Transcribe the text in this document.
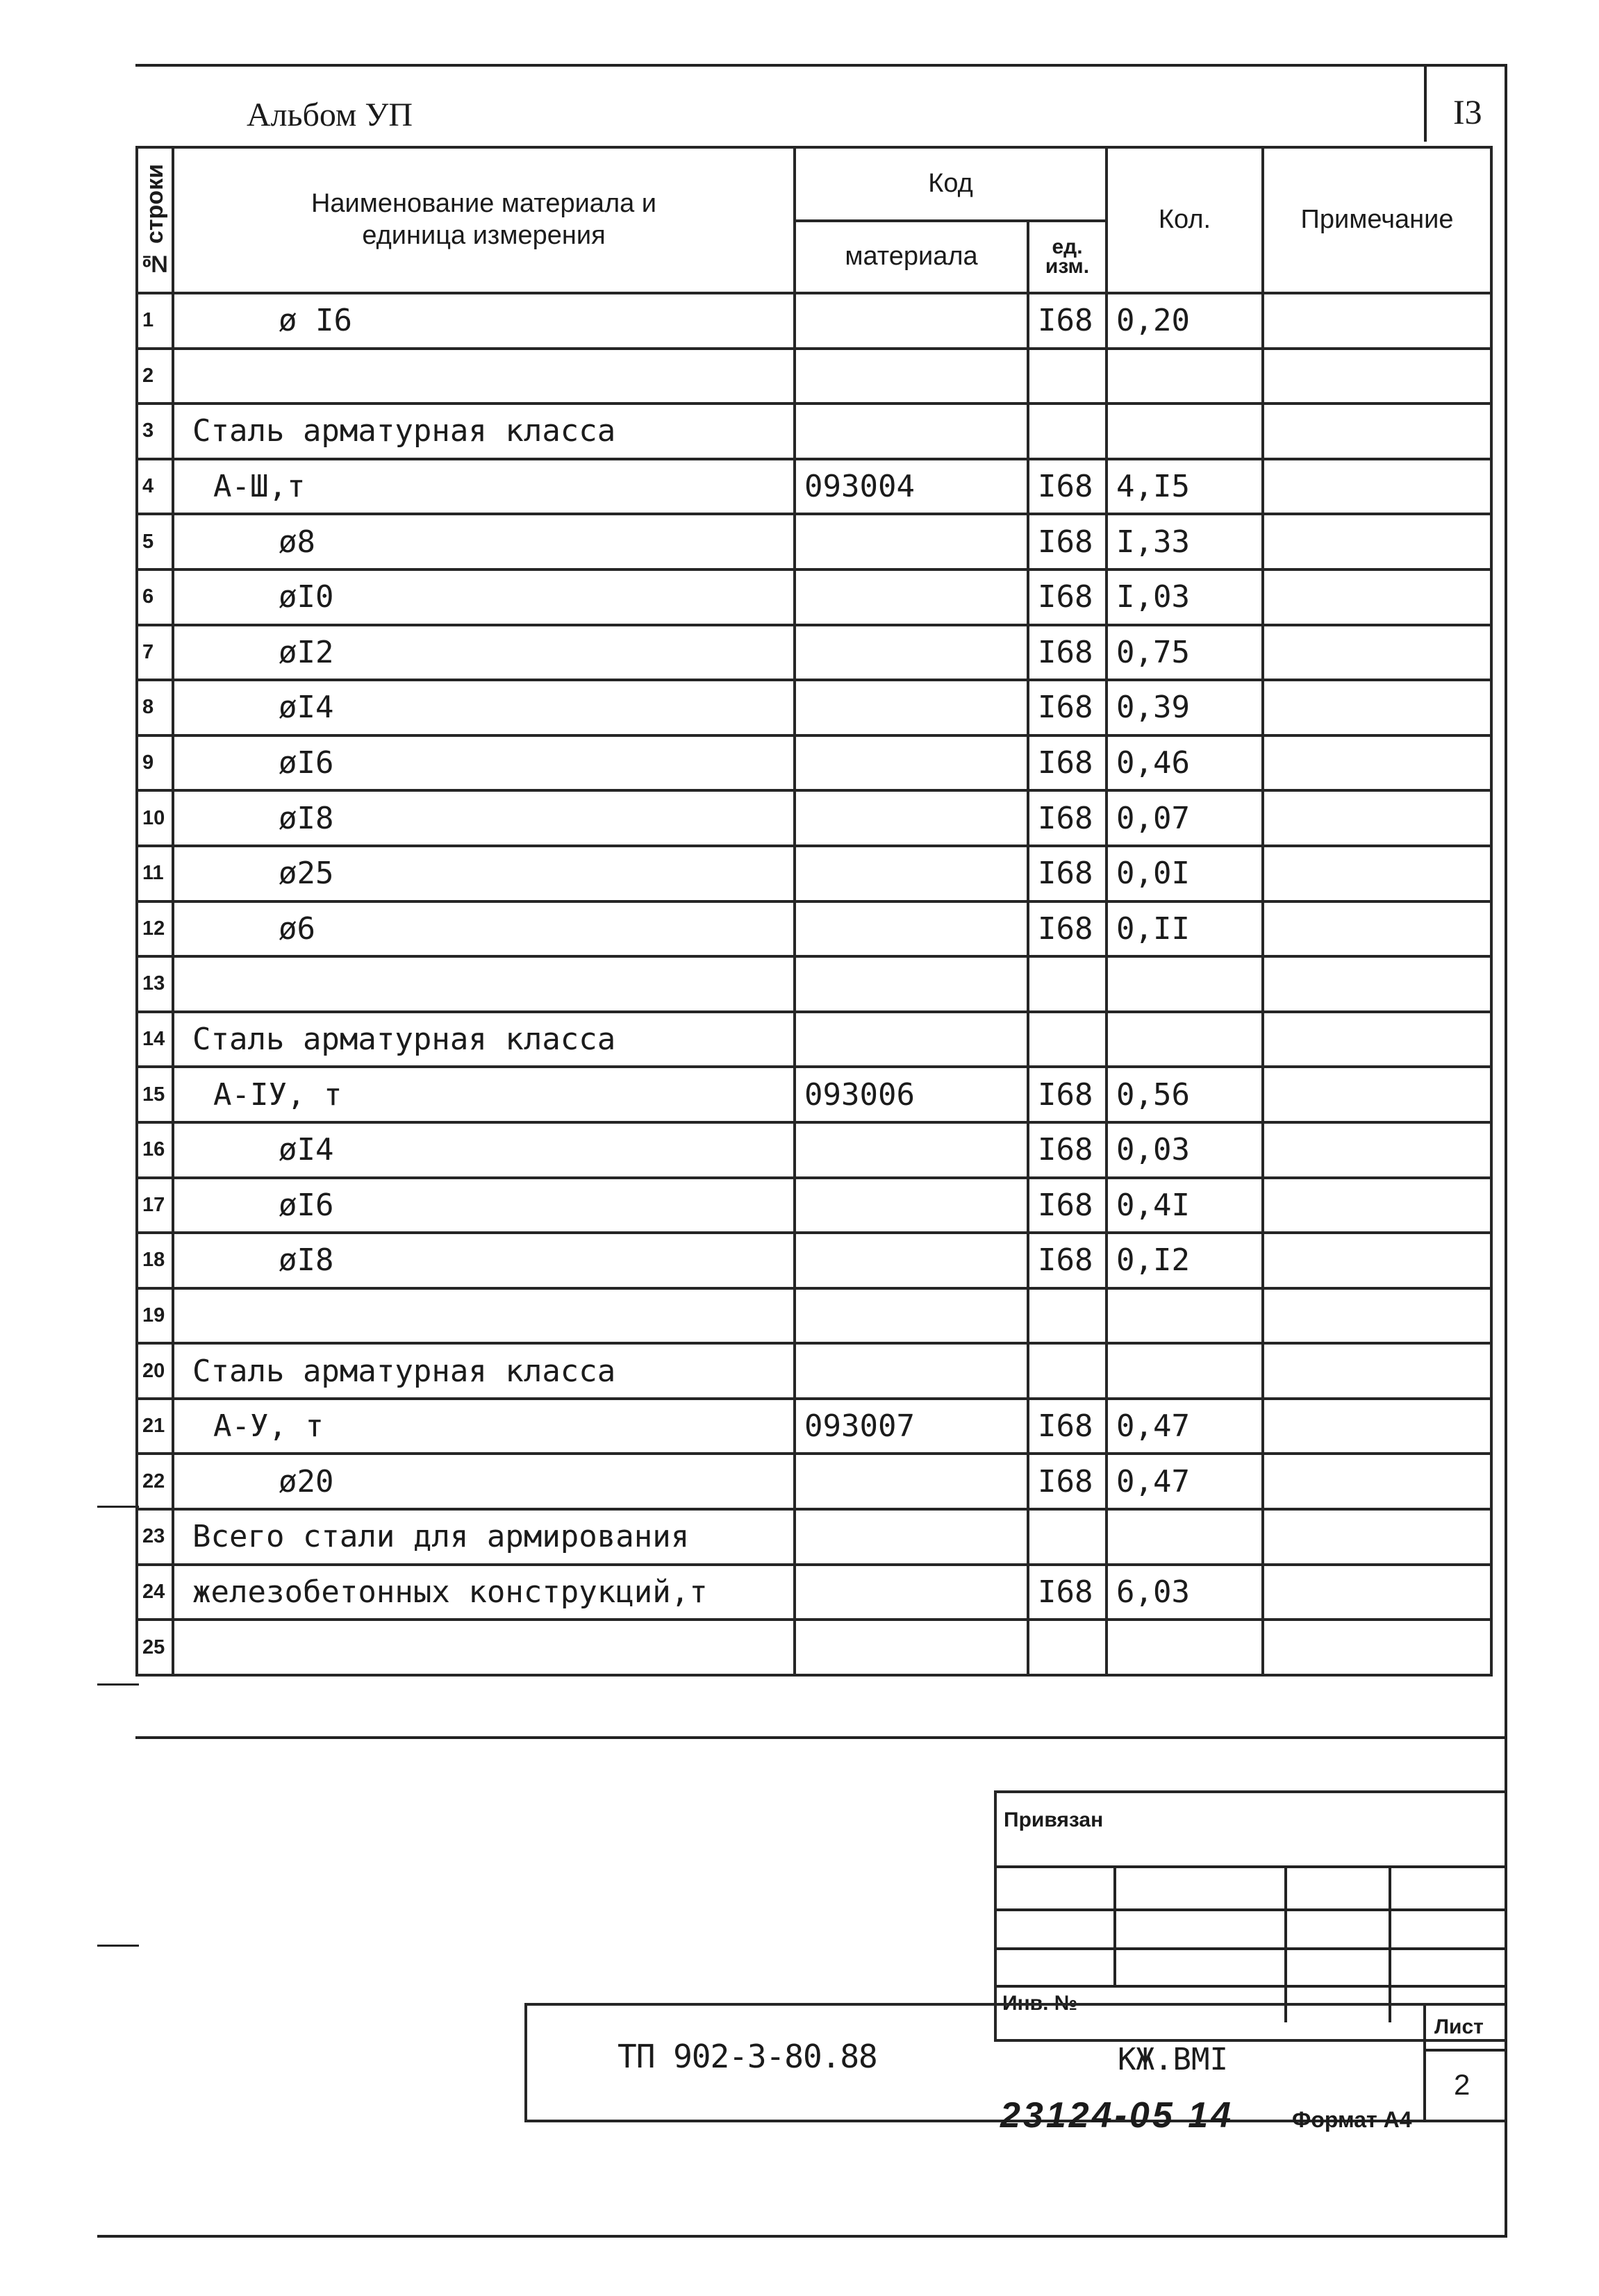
Альбом УП	I3
№ строки	Наименование материала и единица измерения	Код		Кол.	Примечание
		материала	ед. изм.		

1	ø I6		I68	0,20	
2					
3	Сталь арматурная класса				
4	А-Ш,т	093004	I68	4,I5	
5	ø8		I68	I,33	
6	øI0		I68	I,03	
7	øI2		I68	0,75	
8	øI4		I68	0,39	
9	øI6		I68	0,46	
10	øI8		I68	0,07	
11	ø25		I68	0,0I	
12	ø6		I68	0,II	
13					
14	Сталь арматурная класса				
15	А-IУ, т	093006	I68	0,56	
16	øI4		I68	0,03	
17	øI6		I68	0,4I	
18	øI8		I68	0,I2	
19					
20	Сталь арматурная класса				
21	А-У, т	093007	I68	0,47	
22	ø20		I68	0,47	
23	Всего стали для армирования				
24	железобетонных конструкций,т		I68	6,03	
25					
Привязан
Инв. №
ТП 902-3-80.88	КЖ.ВМI
Лист
2
23124-05 14	Формат А4
